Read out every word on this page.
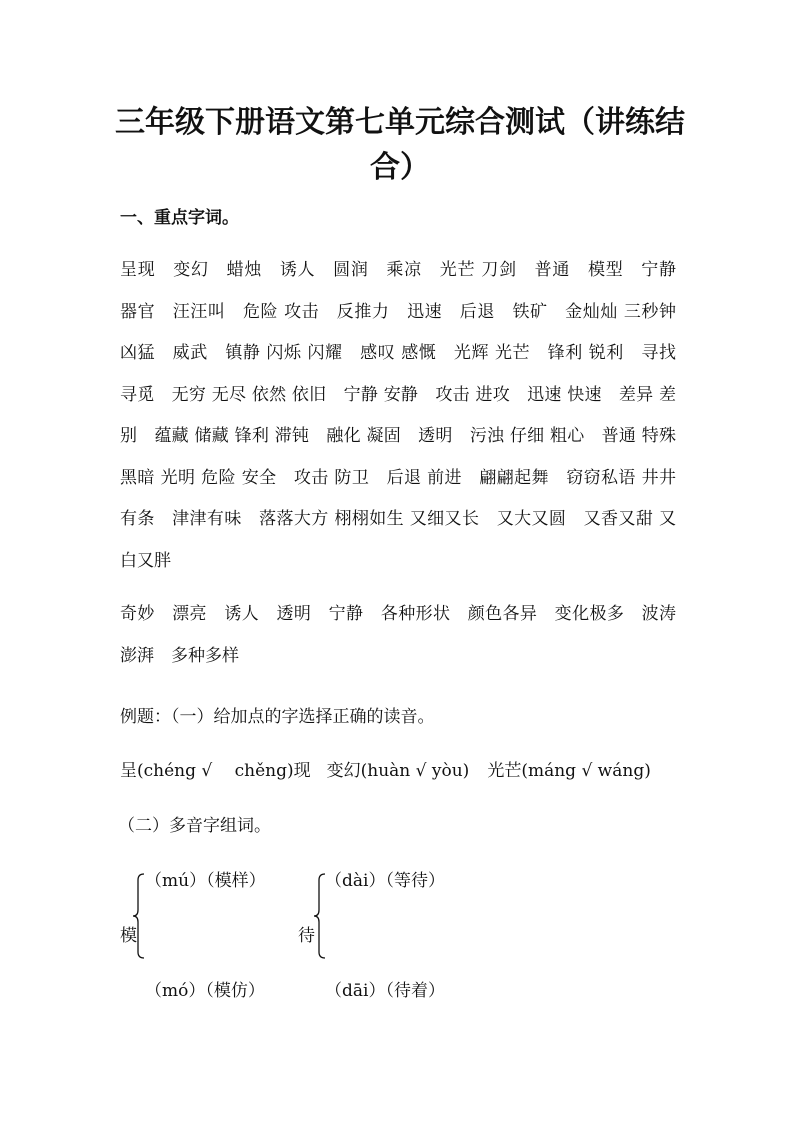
三年级下册语文第七单元综合测试（讲练结合）
一、重点字词。
呈现　变幻　蜡烛　诱人　圆润　乘凉　光芒 刀剑　普通　模型　宁静　器官　汪汪叫　危险 攻击　反推力　迅速　后退　铁矿　金灿灿 三秒钟　凶猛　威武　镇静 闪烁 闪耀　感叹 感慨　光辉 光芒　锋利 锐利　寻找 寻觅　无穷 无尽 依然 依旧　宁静 安静　攻击 进攻　迅速 快速　差异 差别　蕴藏 储藏 锋利 滞钝　融化 凝固　透明　污浊 仔细 粗心　普通 特殊　黑暗 光明 危险 安全　攻击 防卫　后退 前进　翩翩起舞　窃窃私语 井井有条　津津有味　落落大方 栩栩如生 又细又长　又大又圆　又香又甜 又白又胖
奇妙　漂亮　诱人　透明　宁静　各种形状　颜色各异　变化极多　波涛澎湃　多种多样
例题：（一）给加点的字选择正确的读音。
呈(chéng √　 chěng)现 变幻(huàn √ yòu) 光芒(máng √ wáng)
（二）多音字组词。
（mú）（模样）
模
（mó）（模仿）
（dài）（等待）
待
（dāi）（待着）
